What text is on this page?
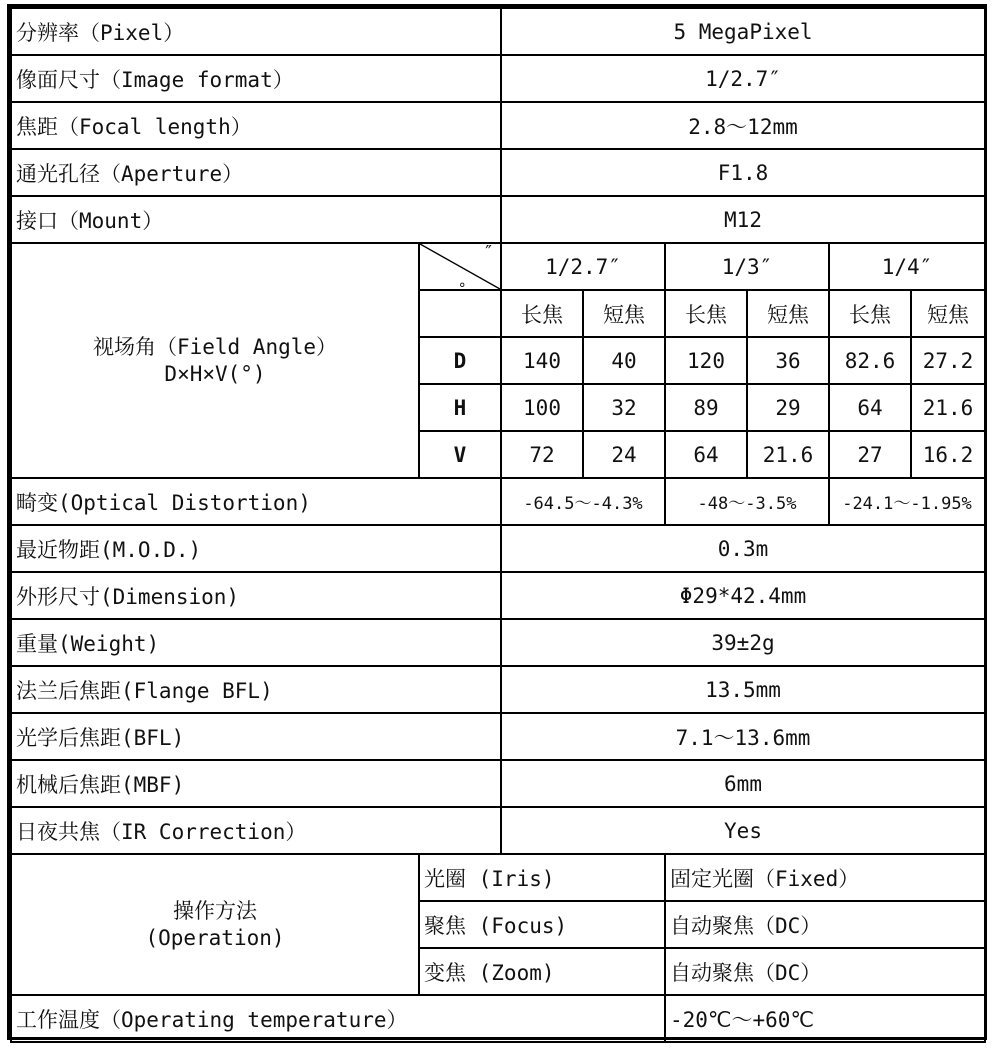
分辨率（Pixel）		5 MegaPixel					
像面尺寸（Image format）		1/2.7″					
焦距（Focal length）		2.8～12mm					
通光孔径（Aperture）		F1.8					
接口（Mount）		M12					

视场角（Field Angle）
D×H×V(°)	″
°	1/2.7″		1/3″		1/4″	
		长焦	短焦	长焦	短焦	长焦	短焦
	D	140	40	120	36	82.6	27.2
	H	100	32	89	29	64	21.6
	V	72	24	64	21.6	27	16.2
畸变(Optical Distortion)		-64.5～-4.3%		-48～-3.5%		-24.1～-1.95%	
最近物距(M.O.D.)		0.3m					
外形尺寸(Dimension)		Φ29*42.4mm					
重量(Weight)		39±2g					
法兰后焦距(Flange BFL)		13.5mm					
光学后焦距(BFL)		7.1～13.6mm					
机械后焦距(MBF)		6mm					
日夜共焦（IR Correction）		Yes					

操作方法
(Operation)	光圈 (Iris)			固定光圈（Fixed）			
	聚焦 (Focus)			自动聚焦（DC）			
	变焦 (Zoom)			自动聚焦（DC）			
工作温度（Operating temperature）				-20℃～+60℃			
